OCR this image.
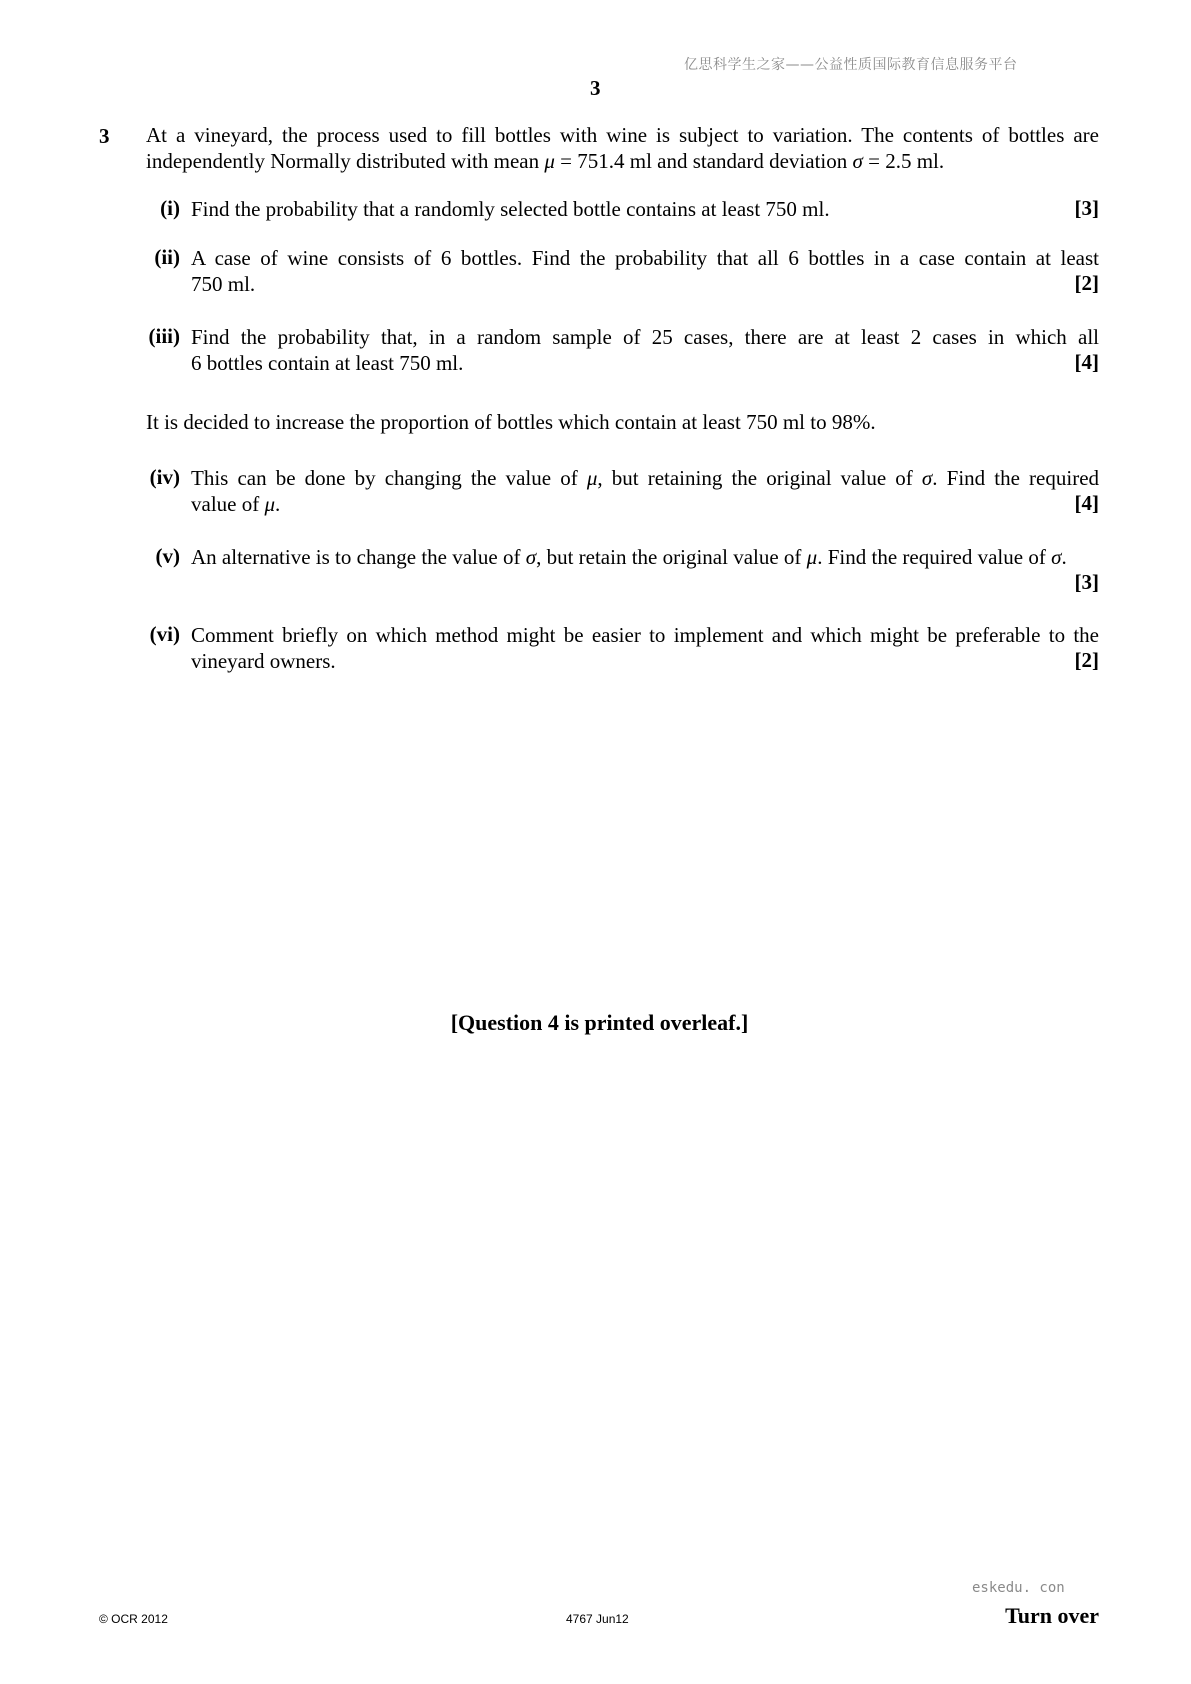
亿思科学生之家——公益性质国际教育信息服务平台
3
3 At a vineyard, the process used to fill bottles with wine is subject to variation. The contents of bottles are independently Normally distributed with mean μ = 751.4 ml and standard deviation σ = 2.5 ml.
(i) Find the probability that a randomly selected bottle contains at least 750 ml.	[3]
(ii) A case of wine consists of 6 bottles. Find the probability that all 6 bottles in a case contain at least
750 ml.	[2]
(iii) Find the probability that, in a random sample of 25 cases, there are at least 2 cases in which all
6 bottles contain at least 750 ml.	[4]
It is decided to increase the proportion of bottles which contain at least 750 ml to 98%.
(iv) This can be done by changing the value of μ, but retaining the original value of σ. Find the required
value of μ.	[4]
(v) An alternative is to change the value of σ, but retain the original value of μ. Find the required value of σ.
[3]
(vi) Comment briefly on which method might be easier to implement and which might be preferable to the
vineyard owners.	[2]
[Question 4 is printed overleaf.]
eskedu. con
© OCR 2012	4767 Jun12	Turn over
